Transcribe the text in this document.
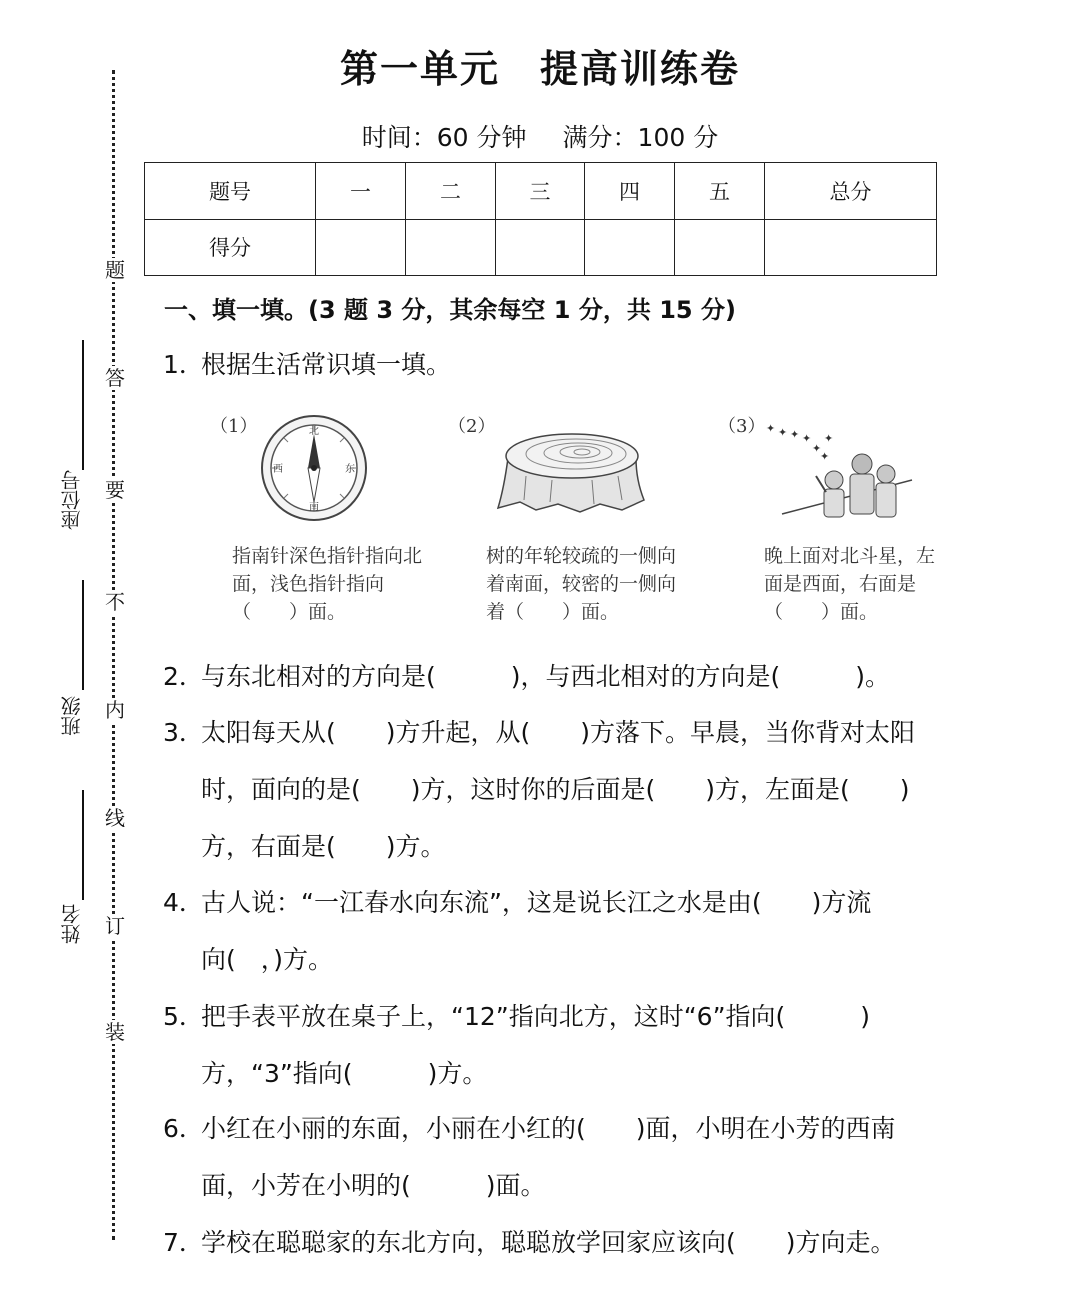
题
答
要
不
内
线
订
装
座位号
班级
姓名
第一单元 提高训练卷
时间：60 分钟 满分：100 分
题号	一	二	三	四	五	总分
得分						
一、填一填。(3 题 3 分，其余每空 1 分，共 15 分)
1．根据生活常识填一填。
（1）	北
南
西	东
指南针深色指针指向北面，浅色指针指向（　　）面。
（2）
树的年轮较疏的一侧向着南面，较密的一侧向着（　　）面。
（3） ✦ ✦ ✦ ✦
✦
✦
✦
晚上面对北斗星，左面是西面，右面是（　　）面。
2．与东北相对的方向是(　　　)，与西北相对的方向是(　　　)。
3．太阳每天从(　　)方升起，从(　　)方落下。早晨，当你背对太阳
时，面向的是(　　)方，这时你的后面是(　　)方，左面是(　　)
方，右面是(　　)方。
4．古人说：“一江春水向东流”，这是说长江之水是由(　　)方流
向(　，)方。
5．把手表平放在桌子上，“12”指向北方，这时“6”指向(　　　)
方，“3”指向(　　　)方。
6．小红在小丽的东面，小丽在小红的(　　)面，小明在小芳的西南
面，小芳在小明的(　　　)面。
7．学校在聪聪家的东北方向，聪聪放学回家应该向(　　)方向走。
